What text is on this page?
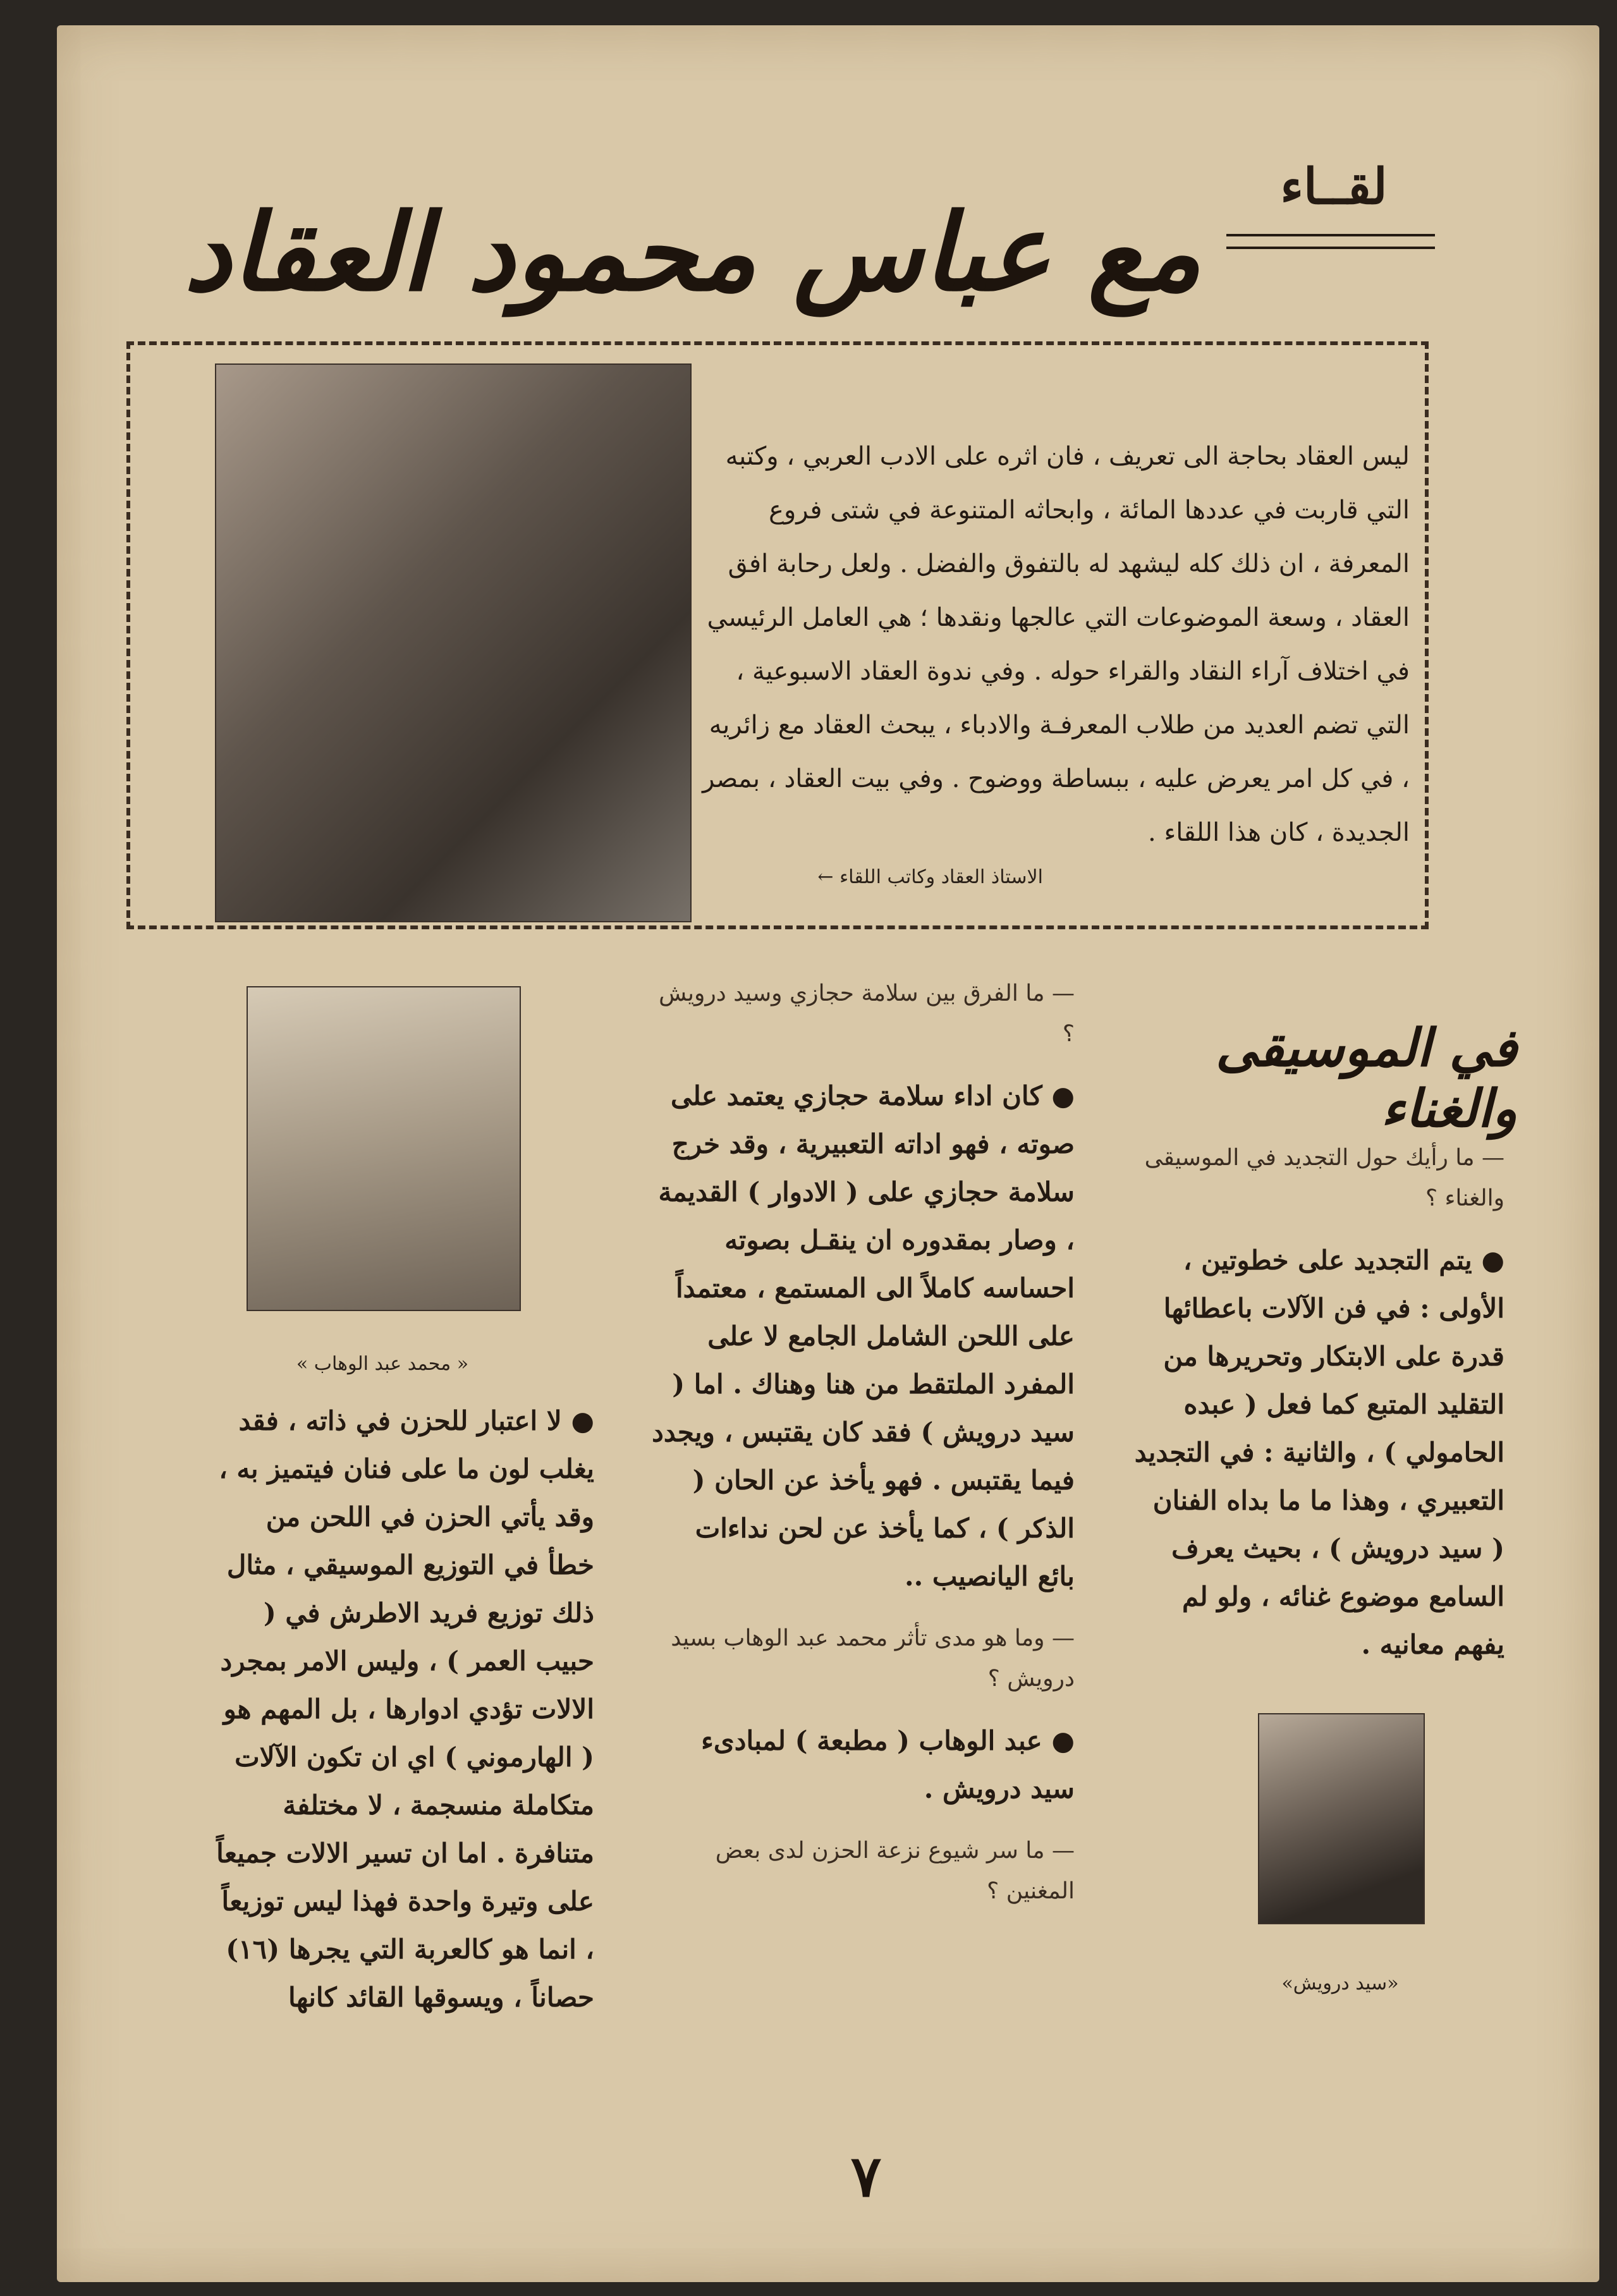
لقــاء
مع عباس محمود العقاد
ليس العقاد بحاجة الى تعريف ، فان اثره على الادب العربي ، وكتبه التي قاربت في عددها المائة ، وابحاثه المتنوعة في شتى فروع المعرفة ، ان ذلك كله ليشهد له بالتفوق والفضل . ولعل رحابة افق العقاد ، وسعة الموضوعات التي عالجها ونقدها ؛ هي العامل الرئيسي في اختلاف آراء النقاد والقراء حوله . وفي ندوة العقاد الاسبوعية ، التي تضم العديد من طلاب المعرفـة والادباء ، يبحث العقاد مع زائريه ، في كل امر يعرض عليه ، ببساطة ووضوح . وفي بيت العقاد ، بمصر الجديدة ، كان هذا اللقاء .
الاستاذ العقاد وكاتب اللقاء ←
في الموسيقى والغناء

— ما رأيك حول التجديد في الموسيقى والغناء ؟

● يتم التجديد على خطوتين ، الأولى : في فن الآلات باعطائها قدرة على الابتكار وتحريرها من التقليد المتبع كما فعل ( عبده الحامولي ) ، والثانية : في التجديد التعبيري ، وهذا ما ما بداه الفنان ( سيد درويش ) ، بحيث يعرف السامع موضوع غنائه ، ولو لم يفهم معانيه .

«سيد درويش»

— ما الفرق بين سلامة حجازي وسيد درويش ؟

● كان اداء سلامة حجازي يعتمد على صوته ، فهو اداته التعبيرية ، وقد خرج سلامة حجازي على ( الادوار ) القديمة ، وصار بمقدوره ان ينقـل بصوته احساسه كاملاً الى المستمع ، معتمداً على اللحن الشامل الجامع لا على المفرد الملتقط من هنا وهناك . اما ( سيد درويش ) فقد كان يقتبس ، ويجدد فيما يقتبس . فهو يأخذ عن الحان ( الذكر ) ، كما يأخذ عن لحن نداءات بائع اليانصيب ..

— وما هو مدى تأثر محمد عبد الوهاب بسيد درويش ؟

● عبد الوهاب ( مطبعة ) لمبادىء سيد درويش .

— ما سر شيوع نزعة الحزن لدى بعض المغنين ؟

« محمد عبد الوهاب »

● لا اعتبار للحزن في ذاته ، فقد يغلب لون ما على فنان فيتميز به ، وقد يأتي الحزن في اللحن من خطأ في التوزيع الموسيقي ، مثال ذلك توزيع فريد الاطرش في ( حبيب العمر ) ، وليس الامر بمجرد الالات تؤدي ادوارها ، بل المهم هو ( الهارموني ) اي ان تكون الآلات متكاملة منسجمة ، لا مختلفة متنافرة . اما ان تسير الالات جميعاً على وتيرة واحدة فهذا ليس توزيعاً ، انما هو كالعربة التي يجرها (١٦) حصاناً ، ويسوقها القائد كانها

٧
